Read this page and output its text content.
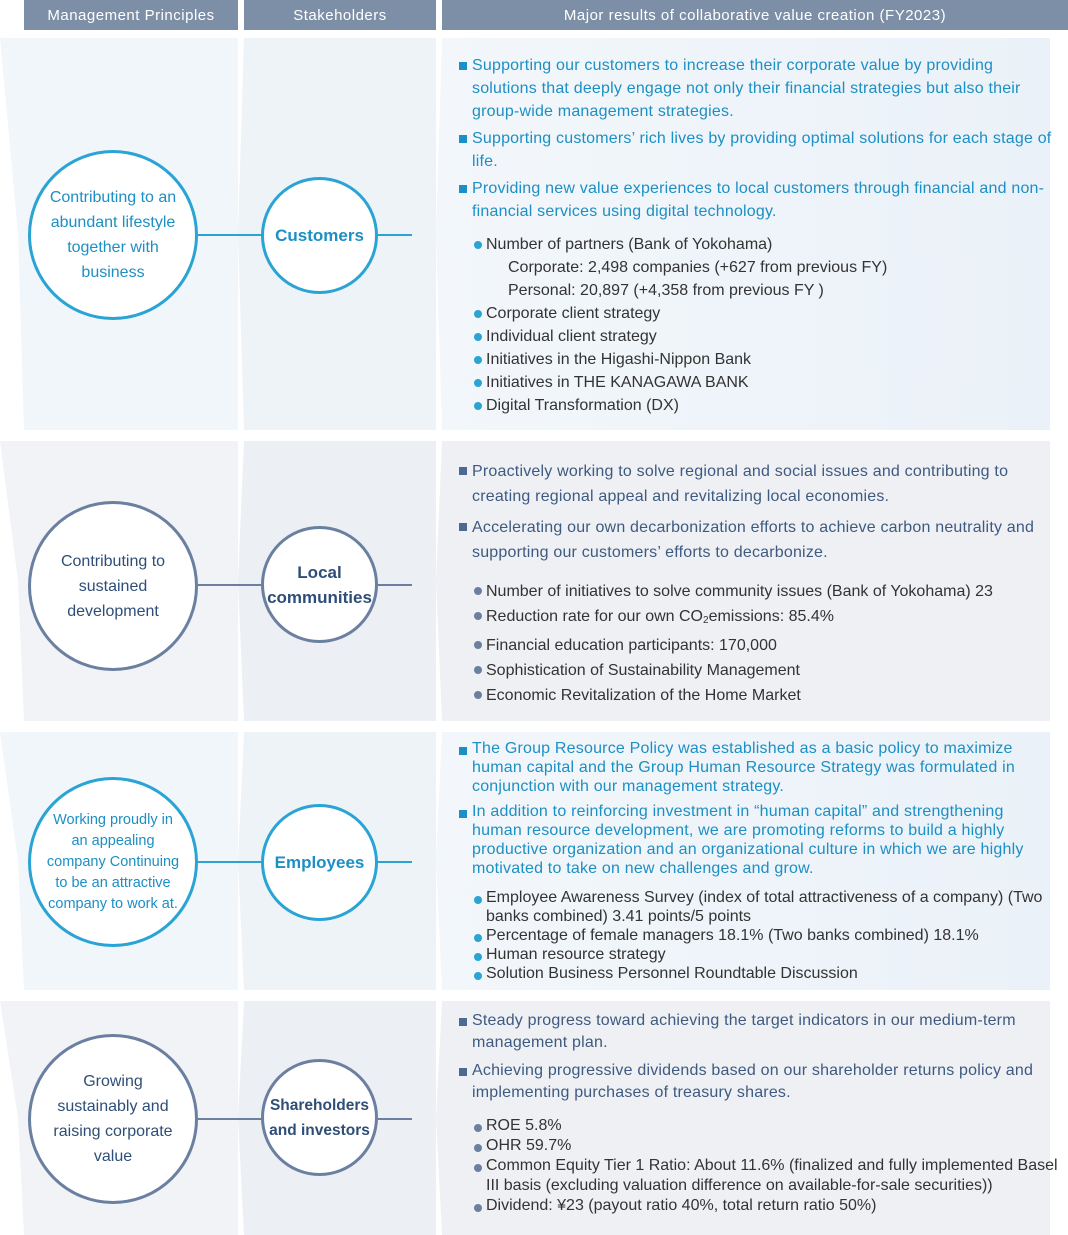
Management Principles	Stakeholders	Major results of collaborative value creation (FY2023)
Contributing to an abundant lifestyle together with business
Customers

Supporting our customers to increase their corporate value by providing solutions that deeply engage not only their financial strategies but also their group-wide management strategies.

Supporting customers’ rich lives by providing optimal solutions for each stage of life.

Providing new value experiences to local customers through financial and non-financial services using digital technology.

Number of partners (Bank of Yokohama)

Corporate: 2,498 companies (+627 from previous FY)

Personal: 20,897 (+4,358 from previous FY )

Corporate client strategy

Individual client strategy

Initiatives in the Higashi-Nippon Bank

Initiatives in THE KANAGAWA BANK

Digital Transformation (DX)

Contributing to sustained development
Local communities

Proactively working to solve regional and social issues and contributing to creating regional appeal and revitalizing local economies.

Accelerating our own decarbonization efforts to achieve carbon neutrality and supporting our customers’ efforts to decarbonize.

Number of initiatives to solve community issues (Bank of Yokohama) 23

Reduction rate for our own $CO_2emissions$: 85.4%

Financial education participants: 170,000

Sophistication of Sustainability Management

Economic Revitalization of the Home Market

Working proudly in an appealing company Continuing to be an attractive company to work at.
Employees

The Group Resource Policy was established as a basic policy to maximize human capital and the Group Human Resource Strategy was formulated in conjunction with our management strategy.

In addition to reinforcing investment in “human capital” and strengthening human resource development, we are promoting reforms to build a highly productive organization and an organizational culture in which we are highly motivated to take on new challenges and grow.

Employee Awareness Survey (index of total attractiveness of a company) (Two banks combined) 3.41 points/5 points

Percentage of female managers 18.1% (Two banks combined) 18.1%

Human resource strategy

Solution Business Personnel Roundtable Discussion

Growing sustainably and raising corporate value
Shareholders and investors

Steady progress toward achieving the target indicators in our medium-term management plan.

Achieving progressive dividends based on our shareholder returns policy and implementing purchases of treasury shares.

ROE 5.8%

OHR 59.7%

Common Equity Tier 1 Ratio: About 11.6% (finalized and fully implemented Basel III basis (excluding valuation difference on available-for-sale securities))

Dividend: ¥23 (payout ratio 40%, total return ratio 50%)
